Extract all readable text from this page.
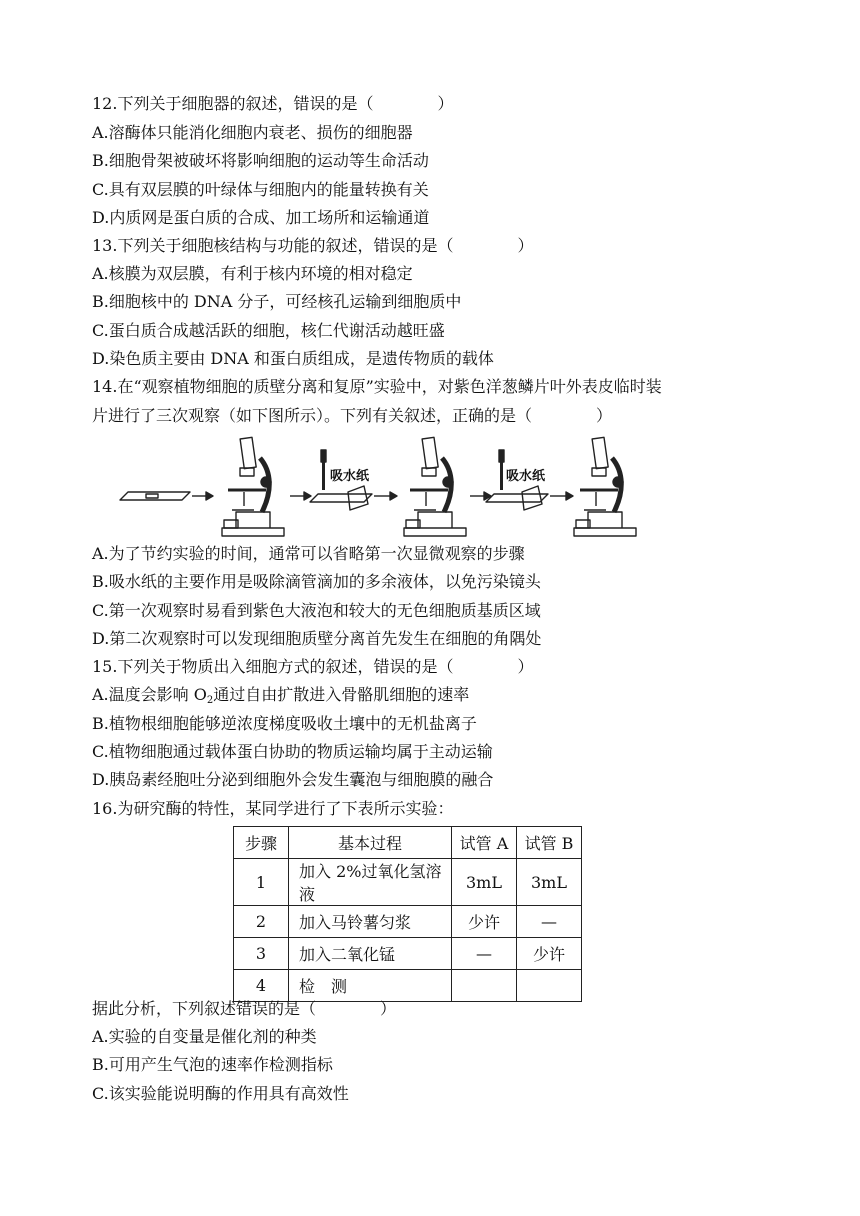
12.下列关于细胞器的叙述，错误的是（　　　　）
A.溶酶体只能消化细胞内衰老、损伤的细胞器
B.细胞骨架被破坏将影响细胞的运动等生命活动
C.具有双层膜的叶绿体与细胞内的能量转换有关
D.内质网是蛋白质的合成、加工场所和运输通道
13.下列关于细胞核结构与功能的叙述，错误的是（　　　　）
A.核膜为双层膜，有利于核内环境的相对稳定
B.细胞核中的 DNA 分子，可经核孔运输到细胞质中
C.蛋白质合成越活跃的细胞，核仁代谢活动越旺盛
D.染色质主要由 DNA 和蛋白质组成，是遗传物质的载体
14.在“观察植物细胞的质壁分离和复原”实验中，对紫色洋葱鳞片叶外表皮临时装
片进行了三次观察（如下图所示）。下列有关叙述，正确的是（　　　　）
吸水纸	吸水纸
A.为了节约实验的时间，通常可以省略第一次显微观察的步骤
B.吸水纸的主要作用是吸除滴管滴加的多余液体，以免污染镜头
C.第一次观察时易看到紫色大液泡和较大的无色细胞质基质区域
D.第二次观察时可以发现细胞质壁分离首先发生在细胞的角隅处
15.下列关于物质出入细胞方式的叙述，错误的是（　　　　）
A.温度会影响 $O_2$通过自由扩散进入骨骼肌细胞的速率
B.植物根细胞能够逆浓度梯度吸收土壤中的无机盐离子
C.植物细胞通过载体蛋白协助的物质运输均属于主动运输
D.胰岛素经胞吐分泌到细胞外会发生囊泡与细胞膜的融合
16.为研究酶的特性，某同学进行了下表所示实验：
步骤	基本过程	试管 A	试管 B
1	加入 2%过氧化氢溶液	3mL	3mL
2	加入马铃薯匀浆	少许	—
3	加入二氧化锰	—	少许
4	检　测		
据此分析，下列叙述错误的是（　　　　）
A.实验的自变量是催化剂的种类
B.可用产生气泡的速率作检测指标
C.该实验能说明酶的作用具有高效性
